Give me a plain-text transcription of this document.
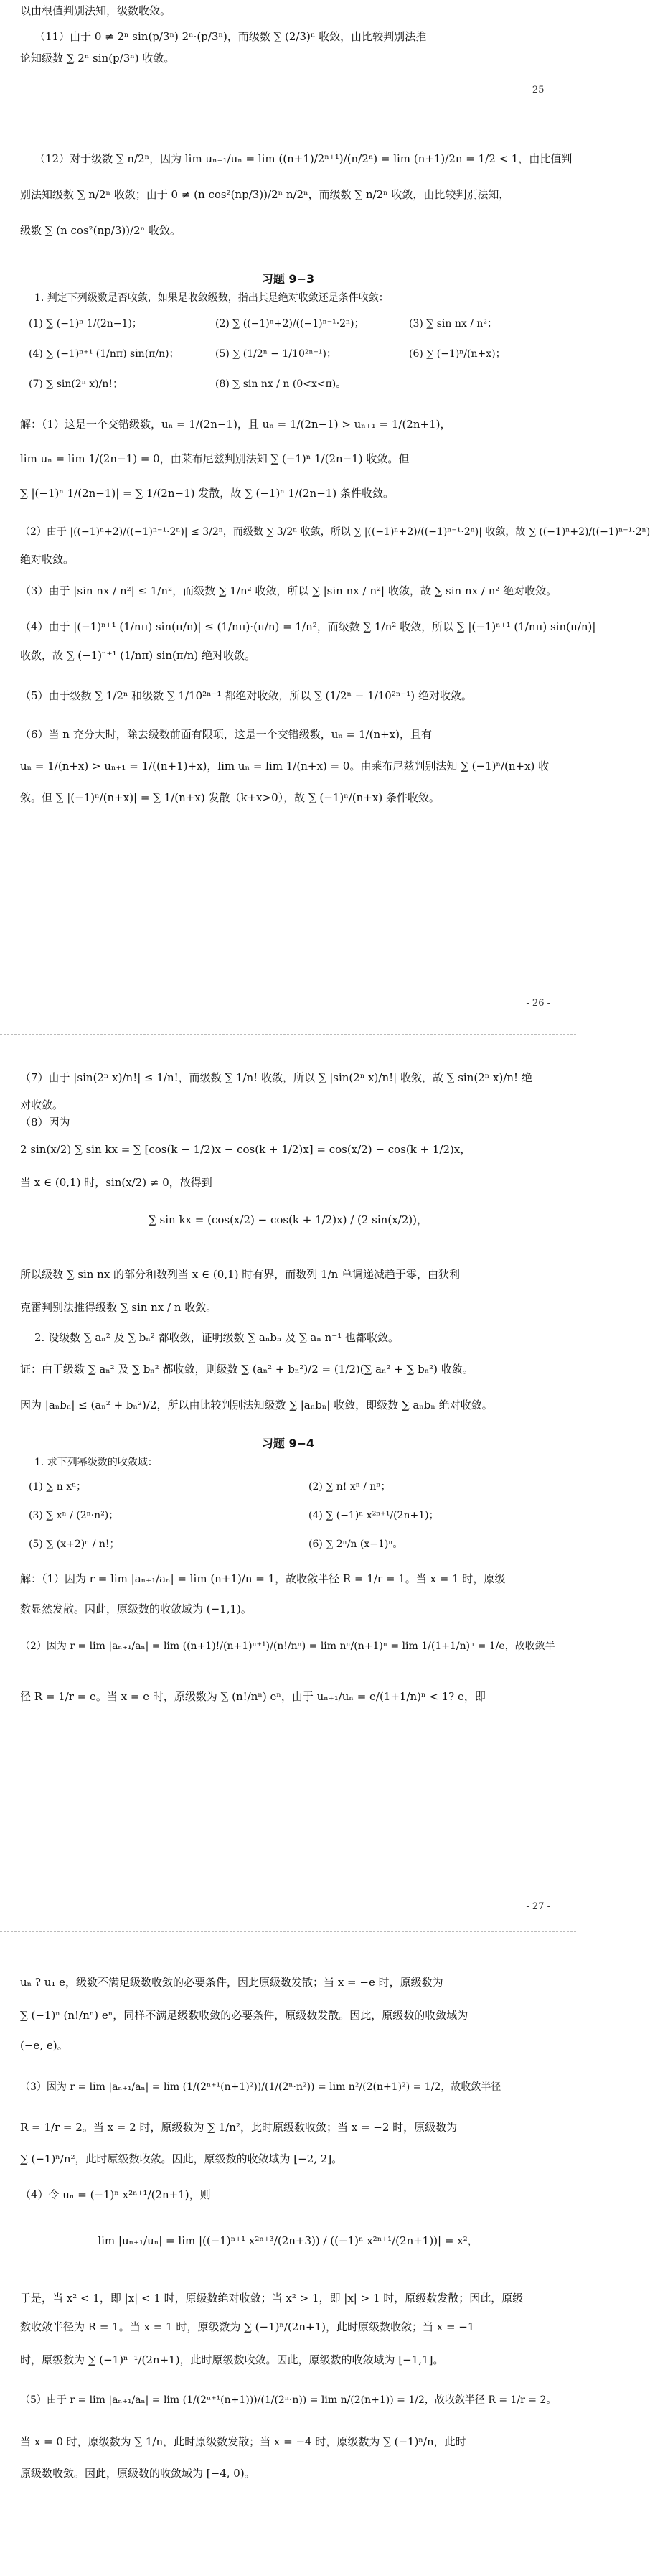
以由根值判别法知，级数收敛。
（11）由于 0 ≠ 2ⁿ sin(p/3ⁿ) 2ⁿ·(p/3ⁿ)，而级数 ∑ (2/3)ⁿ 收敛，由比较判别法推
论知级数 ∑ 2ⁿ sin(p/3ⁿ) 收敛。
- 25 -
（12）对于级数 ∑ n/2ⁿ，因为 lim uₙ₊₁/uₙ = lim ((n+1)/2ⁿ⁺¹)/(n/2ⁿ) = lim (n+1)/2n = 1/2 < 1，由比值判
别法知级数 ∑ n/2ⁿ 收敛；由于 0 ≠ (n cos²(np/3))/2ⁿ n/2ⁿ，而级数 ∑ n/2ⁿ 收敛，由比较判别法知，
级数 ∑ (n cos²(np/3))/2ⁿ 收敛。
习题 9−3
1. 判定下列级数是否收敛，如果是收敛级数，指出其是绝对收敛还是条件收敛：
(1) ∑ (−1)ⁿ 1/(2n−1)；	(2) ∑ ((−1)ⁿ+2)/((−1)ⁿ⁻¹·2ⁿ)；	(3) ∑ sin nx / n²；
(4) ∑ (−1)ⁿ⁺¹ (1/nπ) sin(π/n)；	(5) ∑ (1/2ⁿ − 1/10²ⁿ⁻¹)；	(6) ∑ (−1)ⁿ/(n+x)；
(7) ∑ sin(2ⁿ x)/n!；	(8) ∑ sin nx / n (0<x<π)。
解：（1）这是一个交错级数，uₙ = 1/(2n−1)，且 uₙ = 1/(2n−1) > uₙ₊₁ = 1/(2n+1)，
lim uₙ = lim 1/(2n−1) = 0，由莱布尼兹判别法知 ∑ (−1)ⁿ 1/(2n−1) 收敛。但
∑ |(−1)ⁿ 1/(2n−1)| = ∑ 1/(2n−1) 发散，故 ∑ (−1)ⁿ 1/(2n−1) 条件收敛。
（2）由于 |((−1)ⁿ+2)/((−1)ⁿ⁻¹·2ⁿ)| ≤ 3/2ⁿ，而级数 ∑ 3/2ⁿ 收敛，所以 ∑ |((−1)ⁿ+2)/((−1)ⁿ⁻¹·2ⁿ)| 收敛，故 ∑ ((−1)ⁿ+2)/((−1)ⁿ⁻¹·2ⁿ)
绝对收敛。
（3）由于 |sin nx / n²| ≤ 1/n²，而级数 ∑ 1/n² 收敛，所以 ∑ |sin nx / n²| 收敛，故 ∑ sin nx / n² 绝对收敛。
（4）由于 |(−1)ⁿ⁺¹ (1/nπ) sin(π/n)| ≤ (1/nπ)·(π/n) = 1/n²，而级数 ∑ 1/n² 收敛，所以 ∑ |(−1)ⁿ⁺¹ (1/nπ) sin(π/n)|
收敛，故 ∑ (−1)ⁿ⁺¹ (1/nπ) sin(π/n) 绝对收敛。
（5）由于级数 ∑ 1/2ⁿ 和级数 ∑ 1/10²ⁿ⁻¹ 都绝对收敛，所以 ∑ (1/2ⁿ − 1/10²ⁿ⁻¹) 绝对收敛。
（6）当 n 充分大时，除去级数前面有限项，这是一个交错级数，uₙ = 1/(n+x)，且有
uₙ = 1/(n+x) > uₙ₊₁ = 1/((n+1)+x)，lim uₙ = lim 1/(n+x) = 0。由莱布尼兹判别法知 ∑ (−1)ⁿ/(n+x) 收
敛。但 ∑ |(−1)ⁿ/(n+x)| = ∑ 1/(n+x) 发散（k+x>0），故 ∑ (−1)ⁿ/(n+x) 条件收敛。
- 26 -
（7）由于 |sin(2ⁿ x)/n!| ≤ 1/n!，而级数 ∑ 1/n! 收敛，所以 ∑ |sin(2ⁿ x)/n!| 收敛，故 ∑ sin(2ⁿ x)/n! 绝
对收敛。
（8）因为
2 sin(x/2) ∑ sin kx = ∑ [cos(k − 1/2)x − cos(k + 1/2)x] = cos(x/2) − cos(k + 1/2)x，
当 x ∈ (0,1) 时，sin(x/2) ≠ 0，故得到
∑ sin kx = (cos(x/2) − cos(k + 1/2)x) / (2 sin(x/2))，
所以级数 ∑ sin nx 的部分和数列当 x ∈ (0,1) 时有界，而数列 1/n 单调递减趋于零，由狄利
克雷判别法推得级数 ∑ sin nx / n 收敛。
2. 设级数 ∑ aₙ² 及 ∑ bₙ² 都收敛，证明级数 ∑ aₙbₙ 及 ∑ aₙ n⁻¹ 也都收敛。
证：由于级数 ∑ aₙ² 及 ∑ bₙ² 都收敛，则级数 ∑ (aₙ² + bₙ²)/2 = (1/2)(∑ aₙ² + ∑ bₙ²) 收敛。
因为 |aₙbₙ| ≤ (aₙ² + bₙ²)/2，所以由比较判别法知级数 ∑ |aₙbₙ| 收敛，即级数 ∑ aₙbₙ 绝对收敛。
习题 9−4
1. 求下列幂级数的收敛域：
(1) ∑ n xⁿ；	(2) ∑ n! xⁿ / nⁿ；
(3) ∑ xⁿ / (2ⁿ·n²)；	(4) ∑ (−1)ⁿ x²ⁿ⁺¹/(2n+1)；
(5) ∑ (x+2)ⁿ / n!；	(6) ∑ 2ⁿ/n (x−1)ⁿ。
解：（1）因为 r = lim |aₙ₊₁/aₙ| = lim (n+1)/n = 1，故收敛半径 R = 1/r = 1。当 x = 1 时，原级
数显然发散。因此，原级数的收敛域为 (−1,1)。
（2）因为 r = lim |aₙ₊₁/aₙ| = lim ((n+1)!/(n+1)ⁿ⁺¹)/(n!/nⁿ) = lim nⁿ/(n+1)ⁿ = lim 1/(1+1/n)ⁿ = 1/e，故收敛半
径 R = 1/r = e。当 x = e 时，原级数为 ∑ (n!/nⁿ) eⁿ，由于 uₙ₊₁/uₙ = e/(1+1/n)ⁿ < 1? e，即
- 27 -
uₙ ? u₁ e，级数不满足级数收敛的必要条件，因此原级数发散；当 x = −e 时，原级数为
∑ (−1)ⁿ (n!/nⁿ) eⁿ，同样不满足级数收敛的必要条件，原级数发散。因此，原级数的收敛域为
(−e, e)。
（3）因为 r = lim |aₙ₊₁/aₙ| = lim (1/(2ⁿ⁺¹(n+1)²))/(1/(2ⁿ·n²)) = lim n²/(2(n+1)²) = 1/2，故收敛半径
R = 1/r = 2。当 x = 2 时，原级数为 ∑ 1/n²，此时原级数收敛；当 x = −2 时，原级数为
∑ (−1)ⁿ/n²，此时原级数收敛。因此，原级数的收敛域为 [−2, 2]。
（4）令 uₙ = (−1)ⁿ x²ⁿ⁺¹/(2n+1)，则
lim |uₙ₊₁/uₙ| = lim |((−1)ⁿ⁺¹ x²ⁿ⁺³/(2n+3)) / ((−1)ⁿ x²ⁿ⁺¹/(2n+1))| = x²，
于是，当 x² < 1，即 |x| < 1 时，原级数绝对收敛；当 x² > 1，即 |x| > 1 时，原级数发散；因此，原级
数收敛半径为 R = 1。当 x = 1 时，原级数为 ∑ (−1)ⁿ/(2n+1)，此时原级数收敛；当 x = −1
时，原级数为 ∑ (−1)ⁿ⁺¹/(2n+1)，此时原级数收敛。因此，原级数的收敛域为 [−1,1]。
（5）由于 r = lim |aₙ₊₁/aₙ| = lim (1/(2ⁿ⁺¹(n+1)))/(1/(2ⁿ·n)) = lim n/(2(n+1)) = 1/2，故收敛半径 R = 1/r = 2。
当 x = 0 时，原级数为 ∑ 1/n，此时原级数发散；当 x = −4 时，原级数为 ∑ (−1)ⁿ/n，此时
原级数收敛。因此，原级数的收敛域为 [−4, 0)。
